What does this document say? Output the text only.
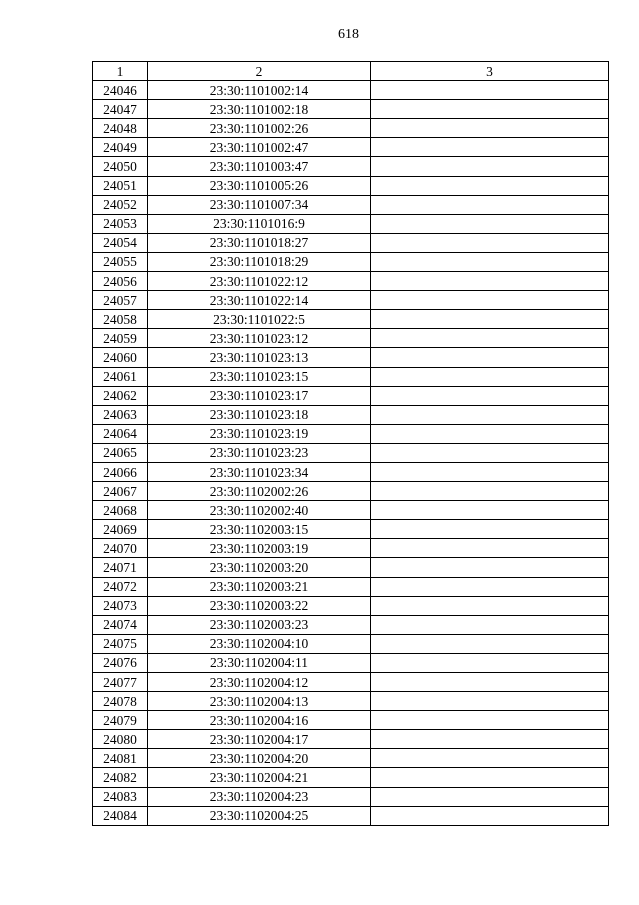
618
1	2	3
24046	23:30:1101002:14	
24047	23:30:1101002:18	
24048	23:30:1101002:26	
24049	23:30:1101002:47	
24050	23:30:1101003:47	
24051	23:30:1101005:26	
24052	23:30:1101007:34	
24053	23:30:1101016:9	
24054	23:30:1101018:27	
24055	23:30:1101018:29	
24056	23:30:1101022:12	
24057	23:30:1101022:14	
24058	23:30:1101022:5	
24059	23:30:1101023:12	
24060	23:30:1101023:13	
24061	23:30:1101023:15	
24062	23:30:1101023:17	
24063	23:30:1101023:18	
24064	23:30:1101023:19	
24065	23:30:1101023:23	
24066	23:30:1101023:34	
24067	23:30:1102002:26	
24068	23:30:1102002:40	
24069	23:30:1102003:15	
24070	23:30:1102003:19	
24071	23:30:1102003:20	
24072	23:30:1102003:21	
24073	23:30:1102003:22	
24074	23:30:1102003:23	
24075	23:30:1102004:10	
24076	23:30:1102004:11	
24077	23:30:1102004:12	
24078	23:30:1102004:13	
24079	23:30:1102004:16	
24080	23:30:1102004:17	
24081	23:30:1102004:20	
24082	23:30:1102004:21	
24083	23:30:1102004:23	
24084	23:30:1102004:25	
